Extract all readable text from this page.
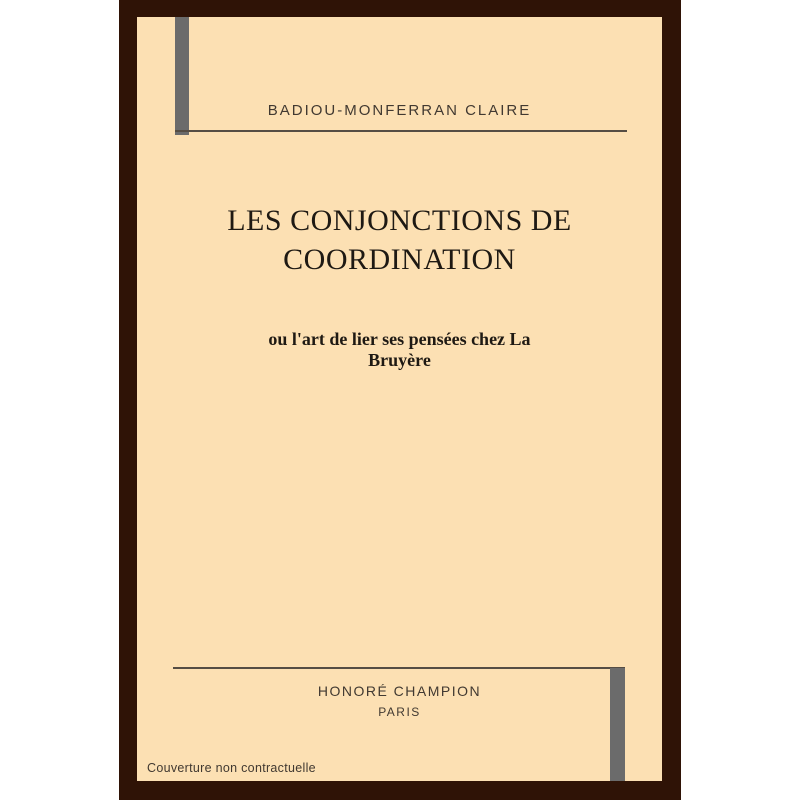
BADIOU-MONFERRAN CLAIRE
LES CONJONCTIONS DE
COORDINATION
ou l'art de lier ses pensées chez La
Bruyère
HONORÉ CHAMPION
PARIS
Couverture non contractuelle
